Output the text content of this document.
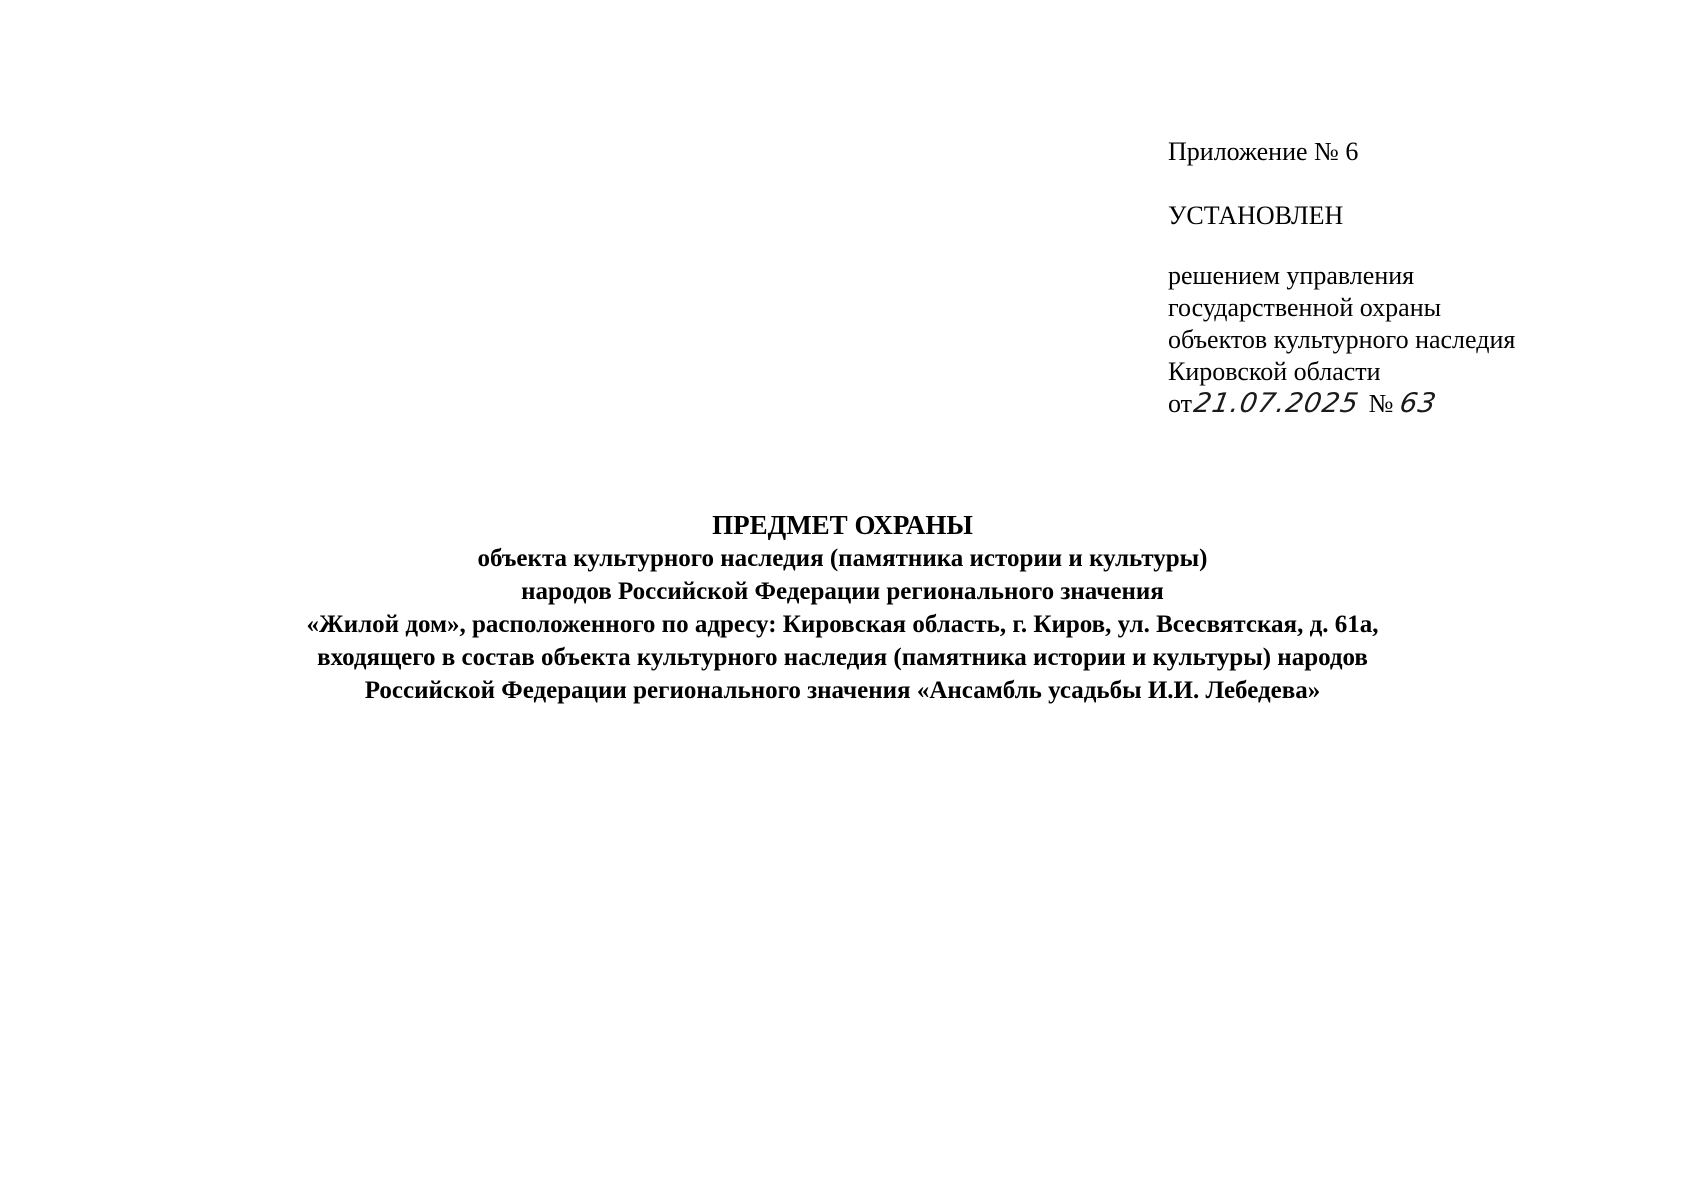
Приложение № 6
УСТАНОВЛЕН
решением управления
государственной охраны
объектов культурного наследия
Кировской области
от21.07.2025 № 63
ПРЕДМЕТ ОХРАНЫ
объекта культурного наследия (памятника истории и культуры)
народов Российской Федерации регионального значения
«Жилой дом», расположенного по адресу: Кировская область, г. Киров, ул. Всесвятская, д. 61а,
входящего в состав объекта культурного наследия (памятника истории и культуры) народов
Российской Федерации регионального значения «Ансамбль усадьбы И.И. Лебедева»
